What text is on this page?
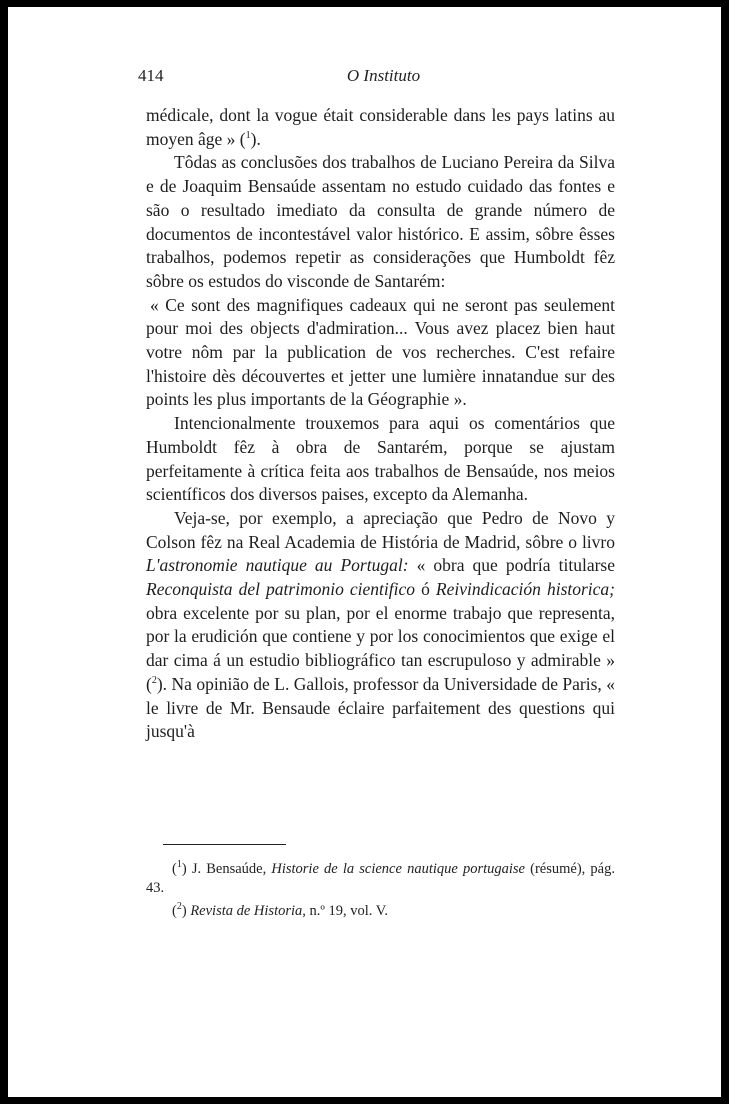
414	O Instituto

médicale, dont la vogue était considerable dans les pays latins au moyen âge » ($^1$).

Tôdas as conclusões dos trabalhos de Luciano Pereira da Silva e de Joaquim Bensaúde assentam no estudo cuidado das fontes e são o resultado imediato da consulta de grande número de documentos de incontestável valor histórico. E assim, sôbre êsses trabalhos, podemos repetir as considerações que Humboldt fêz sôbre os estudos do visconde de Santarém:

« Ce sont des magnifiques cadeaux qui ne seront pas seulement pour moi des objects d'admiration... Vous avez placez bien haut votre nôm par la publication de vos recherches. C'est refaire l'histoire dès découvertes et jetter une lumière innatandue sur des points les plus importants de la Géographie ».

Intencionalmente trouxemos para aqui os comentários que Humboldt fêz à obra de Santarém, porque se ajustam perfeitamente à crítica feita aos trabalhos de Bensaúde, nos meios scientíficos dos diversos paises, excepto da Alemanha.

Veja-se, por exemplo, a apreciação que Pedro de Novo y Colson fêz na Real Academia de História de Madrid, sôbre o livro L'astronomie nautique au Portugal: « obra que podría titularse Reconquista del patrimonio cientifico ó Reivindicación historica; obra excelente por su plan, por el enorme trabajo que representa, por la erudición que contiene y por los conocimientos que exige el dar cima á un estudio bibliográfico tan escrupuloso y admirable » ($^2$). Na opinião de L. Gallois, professor da Universidade de Paris, « le livre de Mr. Bensaude éclaire parfaitement des questions qui jusqu'à

($^1$) J. Bensaúde, Historie de la science nautique portugaise (résumé), pág. 43.

($^2$) Revista de Historia, n.º 19, vol. V.
